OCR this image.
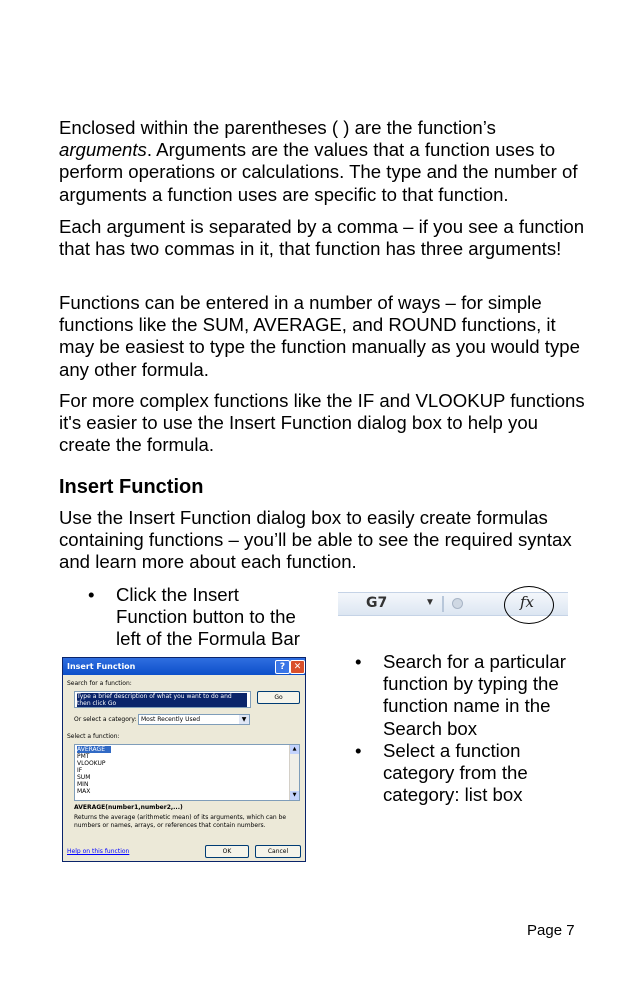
Enclosed within the parentheses ( ) are the function’s arguments. Arguments are the values that a function uses to perform operations or calculations. The type and the number of arguments a function uses are specific to that function.

Each argument is separated by a comma – if you see a function that has two commas in it, that function has three arguments!

Functions can be entered in a number of ways – for simple functions like the SUM, AVERAGE, and ROUND functions, it may be easiest to type the function manually as you would type any other formula.

For more complex functions like the IF and VLOOKUP functions it's easier to use the Insert Function dialog box to help you create the formula.

Insert Function

Use the Insert Function dialog box to easily create formulas containing functions – you’ll be able to see the required syntax and learn more about each function.

•	Click the Insert Function button to the left of the Formula Bar
G7	▼	fx
Insert Function	? ✕
Search for a function:
Type a brief description of what you want to do and then click Go
Go
Or select a category: Most Recently Used	▼
Select a function:
AVERAGE
PMT
VLOOKUP
IF
SUM
MIN
MAX
▲
▼
AVERAGE(number1,number2,...)
Returns the average (arithmetic mean) of its arguments, which can be numbers or names, arrays, or references that contain numbers.
Help on this function	OK	Cancel
•	Search for a particular function by typing the function name in the Search box
•	Select a function category from the category: list box
Page 7
